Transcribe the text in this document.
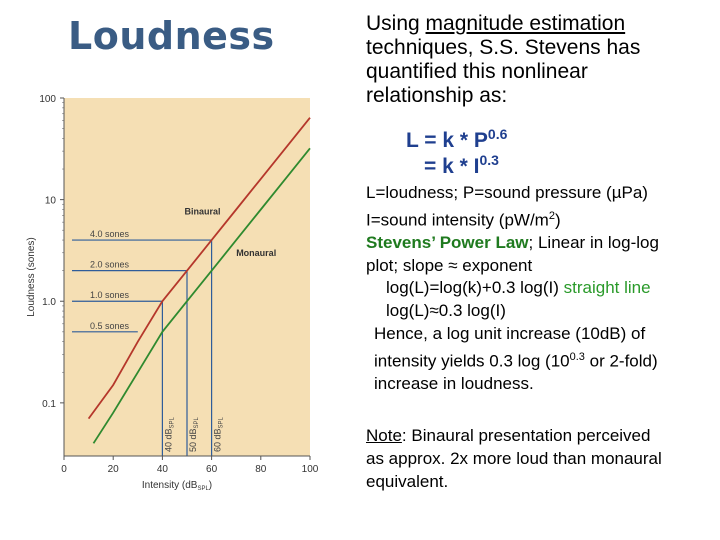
Loudness
0.1
1.0
10
100
0	20	40	60	80	100
4.0 sones
2.0 sones
1.0 sones
0.5 sones
40 $dB_{SPL}$
50 $dB_{SPL}$
60 $dB_{SPL}$
Binaural
Monaural
Loudness (sones)
Intensity $(dB_{SPL})$
Using magnitude estimation
techniques, S.S. Stevens has
quantified this nonlinear
relationship as:
$L = k * P^{0.6}$
= k * $I^{0.3}$
L=loudness; P=sound pressure (µPa)
I=sound intensity $(pW/m^2)$
Stevens’ Power Law; Linear in log-log
plot; slope ≈ exponent
log(L)=log(k)+0.3 log(I) straight line
log(L)≈0.3 log(I)
Hence, a log unit increase (10dB) of
intensity yields 0.3 $\log (10^{0.3}$ or 2-fold)
increase in loudness.
Note: Binaural presentation perceived
as approx. 2x more loud than monaural
equivalent.
